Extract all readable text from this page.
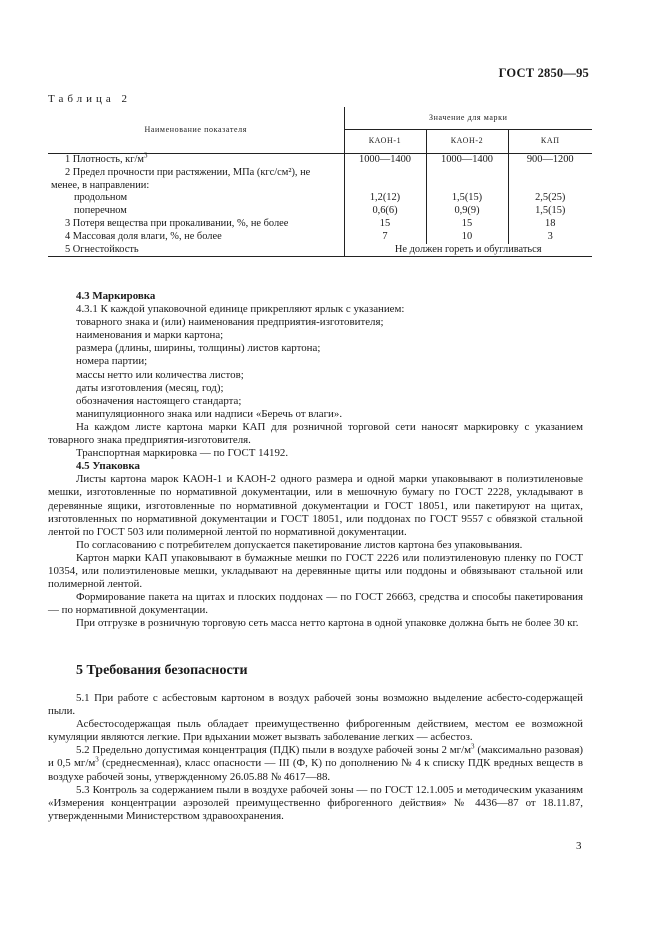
ГОСТ 2850—95
Таблица 2
Наименование показателя	Значение для марки		
	КАОН-1	КАОН-2	КАП
1 Плотность, $кг/м^3$	1000—1400	1000—1400	900—1200

2 Предел прочности при растяжении, МПа (кгс/см²), не
менее, в направлении:			

продольном	1,2(12)	1,5(15)	2,5(25)
поперечном	0,6(6)	0,9(9)	1,5(15)
3 Потеря вещества при прокаливании, %, не более	15	15	18
4 Массовая доля влаги, %, не более	7	10	3
5 Огнестойкость	Не должен гореть и обугливаться		

4.3 Маркировка

4.3.1 К каждой упаковочной единице прикрепляют ярлык с указанием:

товарного знака и (или) наименования предприятия-изготовителя;

наименования и марки картона;

размера (длины, ширины, толщины) листов картона;

номера партии;

массы нетто или количества листов;

даты изготовления (месяц, год);

обозначения настоящего стандарта;

манипуляционного знака или надписи «Беречь от влаги».

На каждом листе картона марки КАП для розничной торговой сети наносят маркировку с указанием товарного знака предприятия-изготовителя.

Транспортная маркировка — по ГОСТ 14192.

4.5 Упаковка

Листы картона марок КАОН-1 и КАОН-2 одного размера и одной марки упаковывают в полиэтиленовые мешки, изготовленные по нормативной документации, или в мешочную бумагу по ГОСТ 2228, укладывают в деревянные ящики, изготовленные по нормативной документации и ГОСТ 18051, или пакетируют на щитах, изготовленных по нормативной документации и ГОСТ 18051, или поддонах по ГОСТ 9557 с обвязкой стальной лентой по ГОСТ 503 или полимерной лентой по нормативной документации.

По согласованию с потребителем допускается пакетирование листов картона без упаковывания.

Картон марки КАП упаковывают в бумажные мешки по ГОСТ 2226 или полиэтиленовую пленку по ГОСТ 10354, или полиэтиленовые мешки, укладывают на деревянные щиты или поддоны и обвязывают стальной или полимерной лентой.

Формирование пакета на щитах и плоских поддонах — по ГОСТ 26663, средства и способы пакетирования — по нормативной документации.

При отгрузке в розничную торговую сеть масса нетто картона в одной упаковке должна быть не более 30 кг.

5 Требования безопасности

5.1 При работе с асбестовым картоном в воздух рабочей зоны возможно выделение асбесто-содержащей пыли.

Асбестосодержащая пыль обладает преимущественно фиброгенным действием, местом ее возможной кумуляции являются легкие. При вдыхании может вызвать заболевание легких — асбестоз.

5.2 Предельно допустимая концентрация (ПДК) пыли в воздухе рабочей зоны 2 $мг/м^3$ (максимально разовая) и 0,5 $мг/м^3$ (среднесменная), класс опасности — III (Ф, К) по дополнению № 4 к списку ПДК вредных веществ в воздухе рабочей зоны, утвержденному 26.05.88 № 4617—88.

5.3 Контроль за содержанием пыли в воздухе рабочей зоны — по ГОСТ 12.1.005 и методическим указаниям «Измерения концентрации аэрозолей преимущественно фиброгенного действия» № 4436—87 от 18.11.87, утвержденными Министерством здравоохранения.

3
